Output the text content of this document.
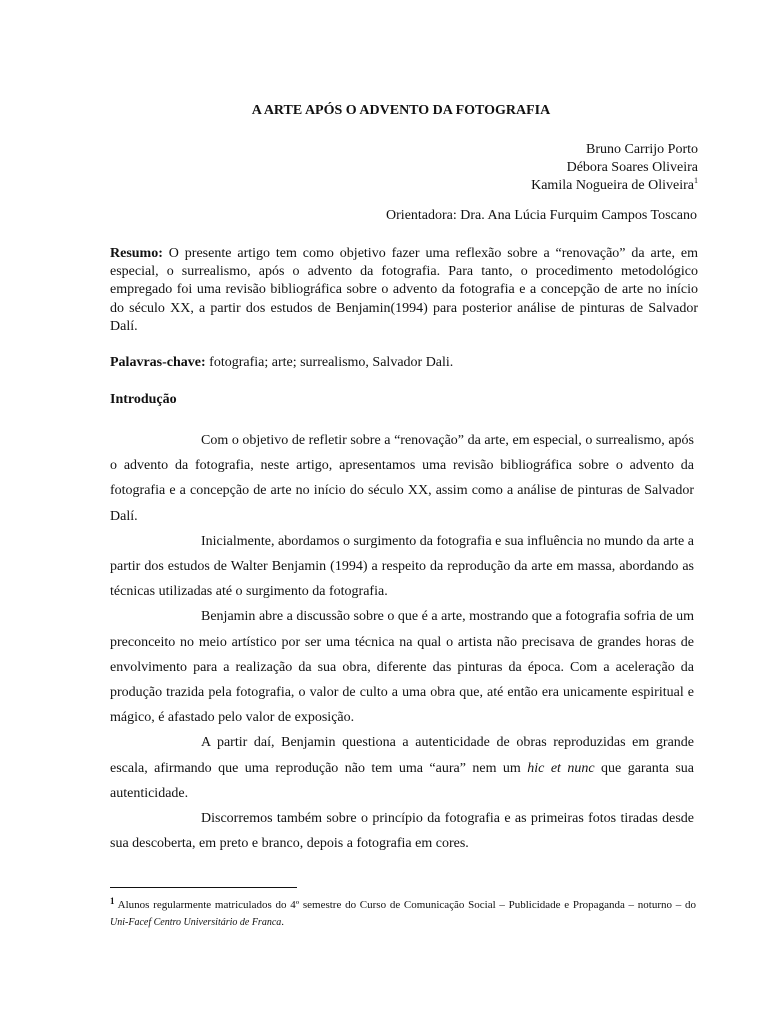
A ARTE APÓS O ADVENTO DA FOTOGRAFIA
Bruno Carrijo Porto
Débora Soares Oliveira
Kamila Nogueira de Oliveira$^1$
Orientadora: Dra. Ana Lúcia Furquim Campos Toscano
Resumo: O presente artigo tem como objetivo fazer uma reflexão sobre a “renovação” da arte, em especial, o surrealismo, após o advento da fotografia. Para tanto, o procedimento metodológico empregado foi uma revisão bibliográfica sobre o advento da fotografia e a concepção de arte no início do século XX, a partir dos estudos de Benjamin(1994) para posterior análise de pinturas de Salvador Dalí.
Palavras-chave: fotografia; arte; surrealismo, Salvador Dali.
Introdução

Com o objetivo de refletir sobre a “renovação” da arte, em especial, o surrealismo, após o advento da fotografia, neste artigo, apresentamos uma revisão bibliográfica sobre o advento da fotografia e a concepção de arte no início do século XX, assim como a análise de pinturas de Salvador Dalí.

Inicialmente, abordamos o surgimento da fotografia e sua influência no mundo da arte a partir dos estudos de Walter Benjamin (1994) a respeito da reprodução da arte em massa, abordando as técnicas utilizadas até o surgimento da fotografia.

Benjamin abre a discussão sobre o que é a arte, mostrando que a fotografia sofria de um preconceito no meio artístico por ser uma técnica na qual o artista não precisava de grandes horas de envolvimento para a realização da sua obra, diferente das pinturas da época. Com a aceleração da produção trazida pela fotografia, o valor de culto a uma obra que, até então era unicamente espiritual e mágico, é afastado pelo valor de exposição.

A partir daí, Benjamin questiona a autenticidade de obras reproduzidas em grande escala, afirmando que uma reprodução não tem uma “aura” nem um hic et nunc que garanta sua autenticidade.

Discorremos também sobre o princípio da fotografia e as primeiras fotos tiradas desde sua descoberta, em preto e branco, depois a fotografia em cores.

$^1$ Alunos regularmente matriculados do 4º semestre do Curso de Comunicação Social – Publicidade e Propaganda – noturno – do Uni-Facef Centro Universitário de Franca.
